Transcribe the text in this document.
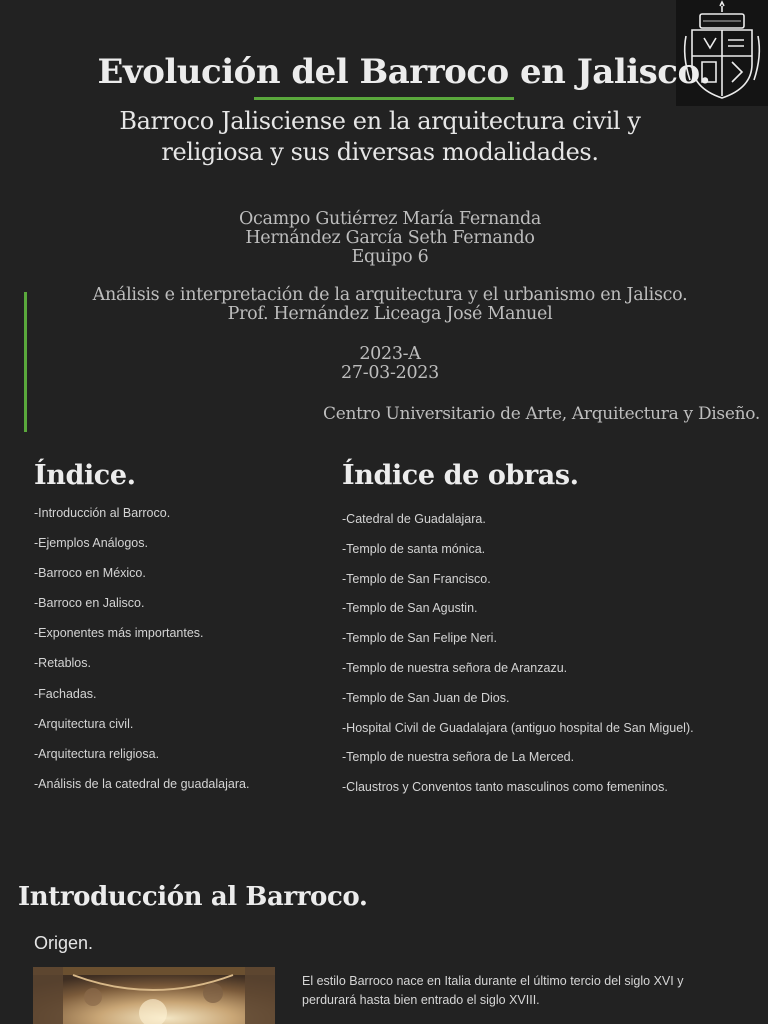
Evolución del Barroco en Jalisco.
Barroco Jalisciense en la arquitectura civil y
religiosa y sus diversas modalidades.
Ocampo Gutiérrez María Fernanda
Hernández García Seth Fernando
Equipo 6
Análisis e interpretación de la arquitectura y el urbanismo en Jalisco.
Prof. Hernández Liceaga José Manuel
2023-A
27-03-2023
Centro Universitario de Arte, Arquitectura y Diseño.
Índice.
-Introducción al Barroco.
-Ejemplos Análogos.
-Barroco en México.
-Barroco en Jalisco.
-Exponentes más importantes.
-Retablos.
-Fachadas.
-Arquitectura civil.
-Arquitectura religiosa.
-Análisis de la catedral de guadalajara.
Índice de obras.
-Catedral de Guadalajara.
-Templo de santa mónica.
-Templo de San Francisco.
-Templo de San Agustin.
-Templo de San Felipe Neri.
-Templo de nuestra señora de Aranzazu.
-Templo de San Juan de Dios.
-Hospital Civil de Guadalajara (antiguo hospital de San Miguel).
-Templo de nuestra señora de La Merced.
-Claustros y Conventos tanto masculinos como femeninos.
Introducción al Barroco.
Origen.
El estilo Barroco nace en Italia durante el último tercio del siglo XVI y
perdurará hasta bien entrado el siglo XVIII.
